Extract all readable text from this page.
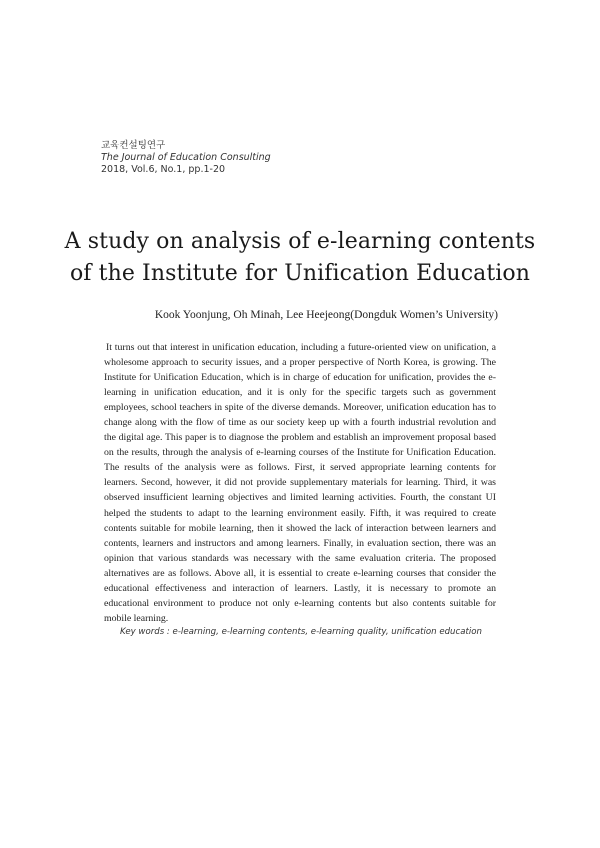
교육컨설팅연구
The Journal of Education Consulting
2018, Vol.6, No.1, pp.1-20
A study on analysis of e-learning contents
of the Institute for Unification Education
Kook Yoonjung, Oh Minah, Lee Heejeong(Dongduk Women’s University)
It turns out that interest in unification education, including a future-oriented view on unification, a wholesome approach to security issues, and a proper perspective of North Korea, is growing. The Institute for Unification Education, which is in charge of education for unification, provides the e-learning in unification education, and it is only for the specific targets such as government employees, school teachers in spite of the diverse demands. Moreover, unification education has to change along with the flow of time as our society keep up with a fourth industrial revolution and the digital age. This paper is to diagnose the problem and establish an improvement proposal based on the results, through the analysis of e-learning courses of the Institute for Unification Education. The results of the analysis were as follows. First, it served appropriate learning contents for learners. Second, however, it did not provide supplementary materials for learning. Third, it was observed insufficient learning objectives and limited learning activities. Fourth, the constant UI helped the students to adapt to the learning environment easily. Fifth, it was required to create contents suitable for mobile learning, then it showed the lack of interaction between learners and contents, learners and instructors and among learners. Finally, in evaluation section, there was an opinion that various standards was necessary with the same evaluation criteria. The proposed alternatives are as follows. Above all, it is essential to create e-learning courses that consider the educational effectiveness and interaction of learners. Lastly, it is necessary to promote an educational environment to produce not only e-learning contents but also contents suitable for mobile learning.
Key words : e-learning, e-learning contents, e-learning quality, unification education
